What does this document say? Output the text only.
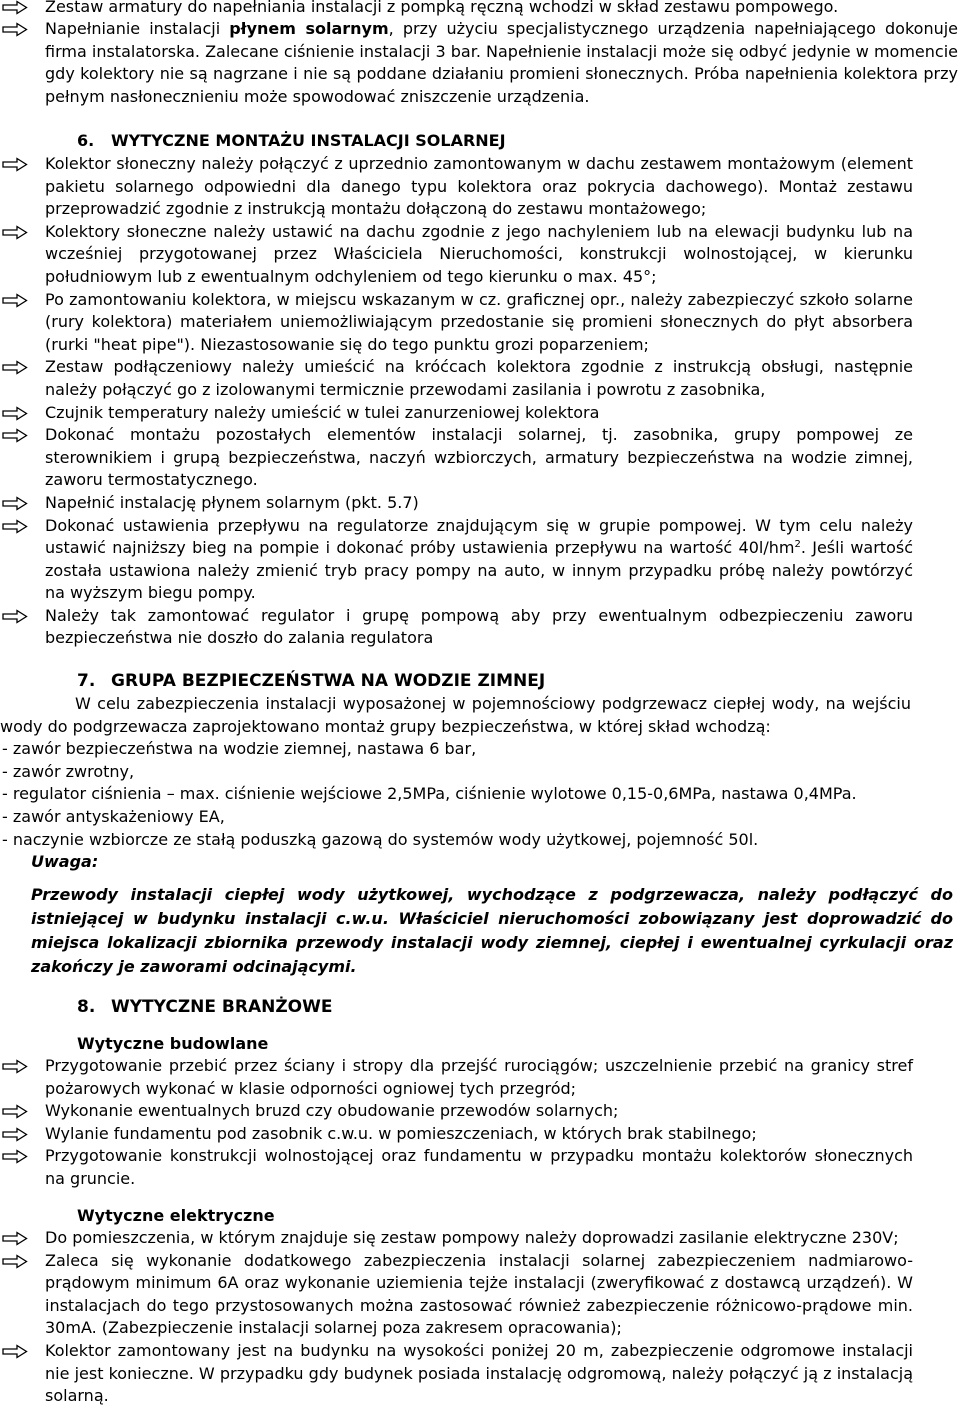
Zestaw armatury do napełniania instalacji z pompką ręczną wchodzi w skład zestawu pompowego.

Napełnianie instalacji płynem solarnym, przy użyciu specjalistycznego urządzenia napełniającego dokonuje firma instalatorska. Zalecane ciśnienie instalacji 3 bar. Napełnienie instalacji może się odbyć jedynie w momencie gdy kolektory nie są nagrzane i nie są poddane działaniu promieni słonecznych. Próba napełnienia kolektora przy pełnym nasłonecznieniu może spowodować zniszczenie urządzenia.

6.	WYTYCZNE MONTAŻU INSTALACJI SOLARNEJ

Kolektor słoneczny należy połączyć z uprzednio zamontowanym w dachu zestawem montażowym (element pakietu solarnego odpowiedni dla danego typu kolektora oraz pokrycia dachowego). Montaż zestawu przeprowadzić zgodnie z instrukcją montażu dołączoną do zestawu montażowego;

Kolektory słoneczne należy ustawić na dachu zgodnie z jego nachyleniem lub na elewacji budynku lub na wcześniej przygotowanej przez Właściciela Nieruchomości, konstrukcji wolnostojącej, w kierunku południowym lub z ewentualnym odchyleniem od tego kierunku o max. 45°;

Po zamontowaniu kolektora, w miejscu wskazanym w cz. graficznej opr., należy zabezpieczyć szkoło solarne (rury kolektora) materiałem uniemożliwiającym przedostanie się promieni słonecznych do płyt absorbera (rurki "heat pipe"). Niezastosowanie się do tego punktu grozi poparzeniem;

Zestaw podłączeniowy należy umieścić na króćcach kolektora zgodnie z instrukcją obsługi, następnie należy połączyć go z izolowanymi termicznie przewodami zasilania i powrotu z zasobnika,

Czujnik temperatury należy umieścić w tulei zanurzeniowej kolektora

Dokonać montażu pozostałych elementów instalacji solarnej, tj. zasobnika, grupy pompowej ze sterownikiem i grupą bezpieczeństwa, naczyń wzbiorczych, armatury bezpieczeństwa na wodzie zimnej, zaworu termostatycznego.

Napełnić instalację płynem solarnym (pkt. 5.7)

Dokonać ustawienia przepływu na regulatorze znajdującym się w grupie pompowej. W tym celu należy ustawić najniższy bieg na pompie i dokonać próby ustawienia przepływu na wartość $40l/hm^2$. Jeśli wartość została ustawiona należy zmienić tryb pracy pompy na auto, w innym przypadku próbę należy powtórzyć na wyższym biegu pompy.

Należy tak zamontować regulator i grupę pompową aby przy ewentualnym odbezpieczeniu zaworu bezpieczeństwa nie doszło do zalania regulatora

7. GRUPA BEZPIECZEŃSTWA NA WODZIE ZIMNEJ

W celu zabezpieczenia instalacji wyposażonej w pojemnościowy podgrzewacz ciepłej wody, na wejściu wody do podgrzewacza zaprojektowano montaż grupy bezpieczeństwa, w której skład wchodzą:

- zawór bezpieczeństwa na wodzie ziemnej, nastawa 6 bar,

- zawór zwrotny,

- regulator ciśnienia – max. ciśnienie wejściowe 2,5MPa, ciśnienie wylotowe 0,15-0,6MPa, nastawa 0,4MPa.

- zawór antyskażeniowy EA,

- naczynie wzbiorcze ze stałą poduszką gazową do systemów wody użytkowej, pojemność 50l.

Uwaga:

Przewody instalacji ciepłej wody użytkowej, wychodzące z podgrzewacza, należy podłączyć do istniejącej w budynku instalacji c.w.u. Właściciel nieruchomości zobowiązany jest doprowadzić do miejsca lokalizacji zbiornika przewody instalacji wody ziemnej, ciepłej i ewentualnej cyrkulacji oraz zakończy je zaworami odcinającymi.

8. WYTYCZNE BRANŻOWE

Wytyczne budowlane

Przygotowanie przebić przez ściany i stropy dla przejść rurociągów; uszczelnienie przebić na granicy stref pożarowych wykonać w klasie odporności ogniowej tych przegród;

Wykonanie ewentualnych bruzd czy obudowanie przewodów solarnych;

Wylanie fundamentu pod zasobnik c.w.u. w pomieszczeniach, w których brak stabilnego;

Przygotowanie konstrukcji wolnostojącej oraz fundamentu w przypadku montażu kolektorów słonecznych na gruncie.

Wytyczne elektryczne

Do pomieszczenia, w którym znajduje się zestaw pompowy należy doprowadzi zasilanie elektryczne 230V;

Zaleca się wykonanie dodatkowego zabezpieczenia instalacji solarnej zabezpieczeniem nadmiarowo-prądowym minimum 6A oraz wykonanie uziemienia tejże instalacji (zweryfikować z dostawcą urządzeń). W instalacjach do tego przystosowanych można zastosować również zabezpieczenie różnicowo-prądowe min. 30mA. (Zabezpieczenie instalacji solarnej poza zakresem opracowania);

Kolektor zamontowany jest na budynku na wysokości poniżej 20 m, zabezpieczenie odgromowe instalacji nie jest konieczne. W przypadku gdy budynek posiada instalację odgromową, należy połączyć ją z instalacją solarną.
